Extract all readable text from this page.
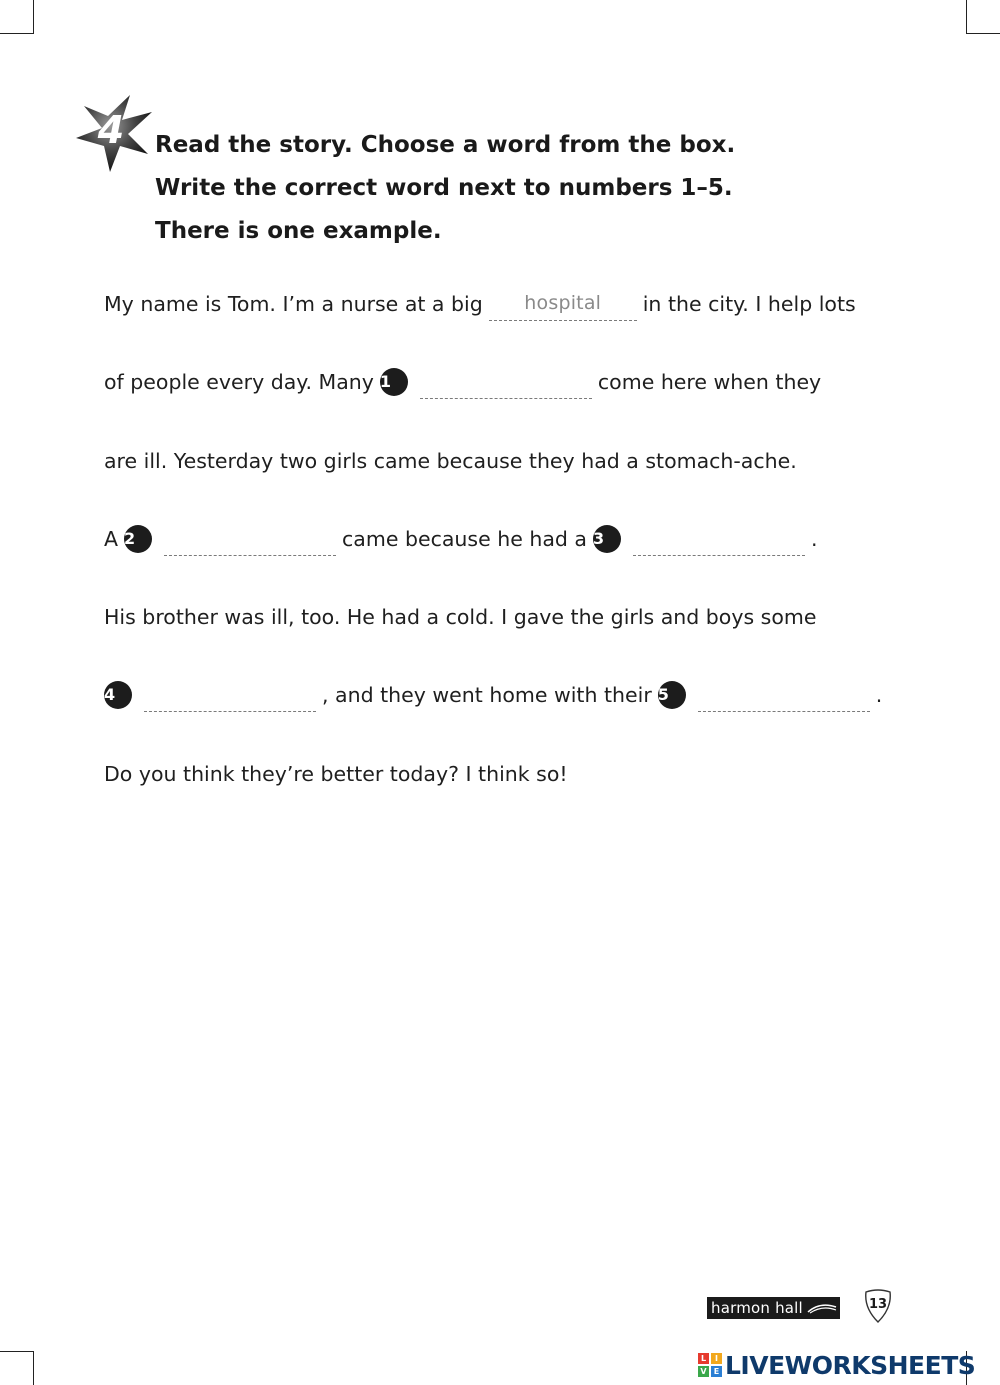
4	Read the story. Choose a word from the box.
Write the correct word next to numbers 1–5.
There is one example.
My name is Tom. I’m a nurse at a big	hospital	in the city. I help lots
of people every day. Many 1	come here when they
are ill. Yesterday two girls came because they had a stomach-ache.
A 2	came because he had a 3	.
His brother was ill, too. He had a cold. I gave the girls and boys some
4	, and they went home with their 5	.
Do you think they’re better today? I think so!
harmon hall	13
L	I
V E LIVEWORKSHEETS
